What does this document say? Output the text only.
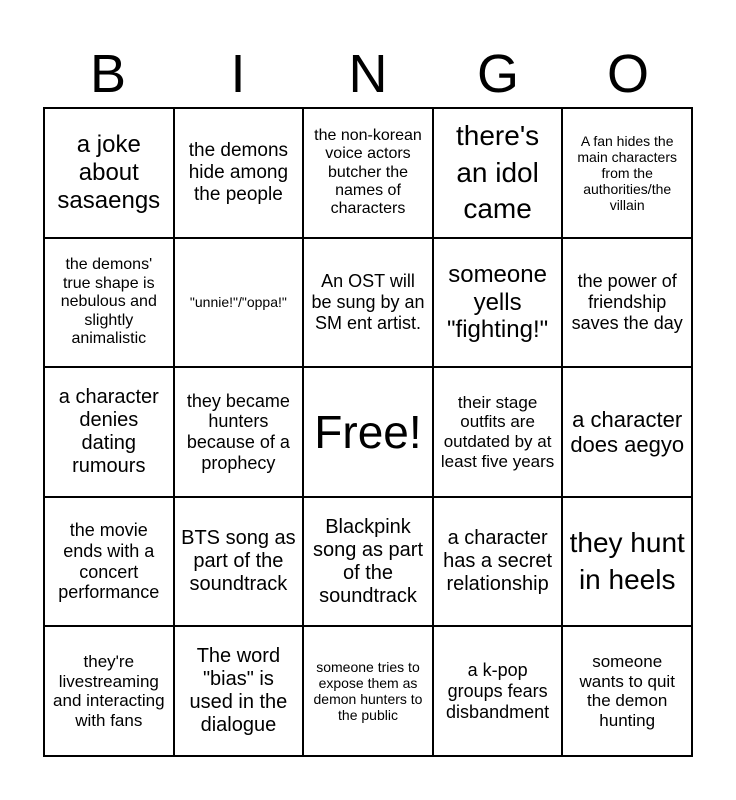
B	I	N	G	O
a joke about sasaengs
the demons hide among the people
the non-korean voice actors butcher the names of characters
there's an idol came
A fan hides the main characters from the authorities/the villain
the demons' true shape is nebulous and slightly animalistic
"unnie!"/"oppa!"
An OST will be sung by an SM ent artist.
someone yells "fighting!"
the power of friendship saves the day
a character denies dating rumours
they became hunters because of a prophecy
Free!
their stage outfits are outdated by at least five years
a character does aegyo
the movie ends with a concert performance
BTS song as part of the soundtrack
Blackpink song as part of the soundtrack
a character has a secret relationship
they hunt in heels
they're livestreaming and interacting with fans
The word "bias" is used in the dialogue
someone tries to expose them as demon hunters to the public
a k-pop groups fears disbandment
someone wants to quit the demon hunting
